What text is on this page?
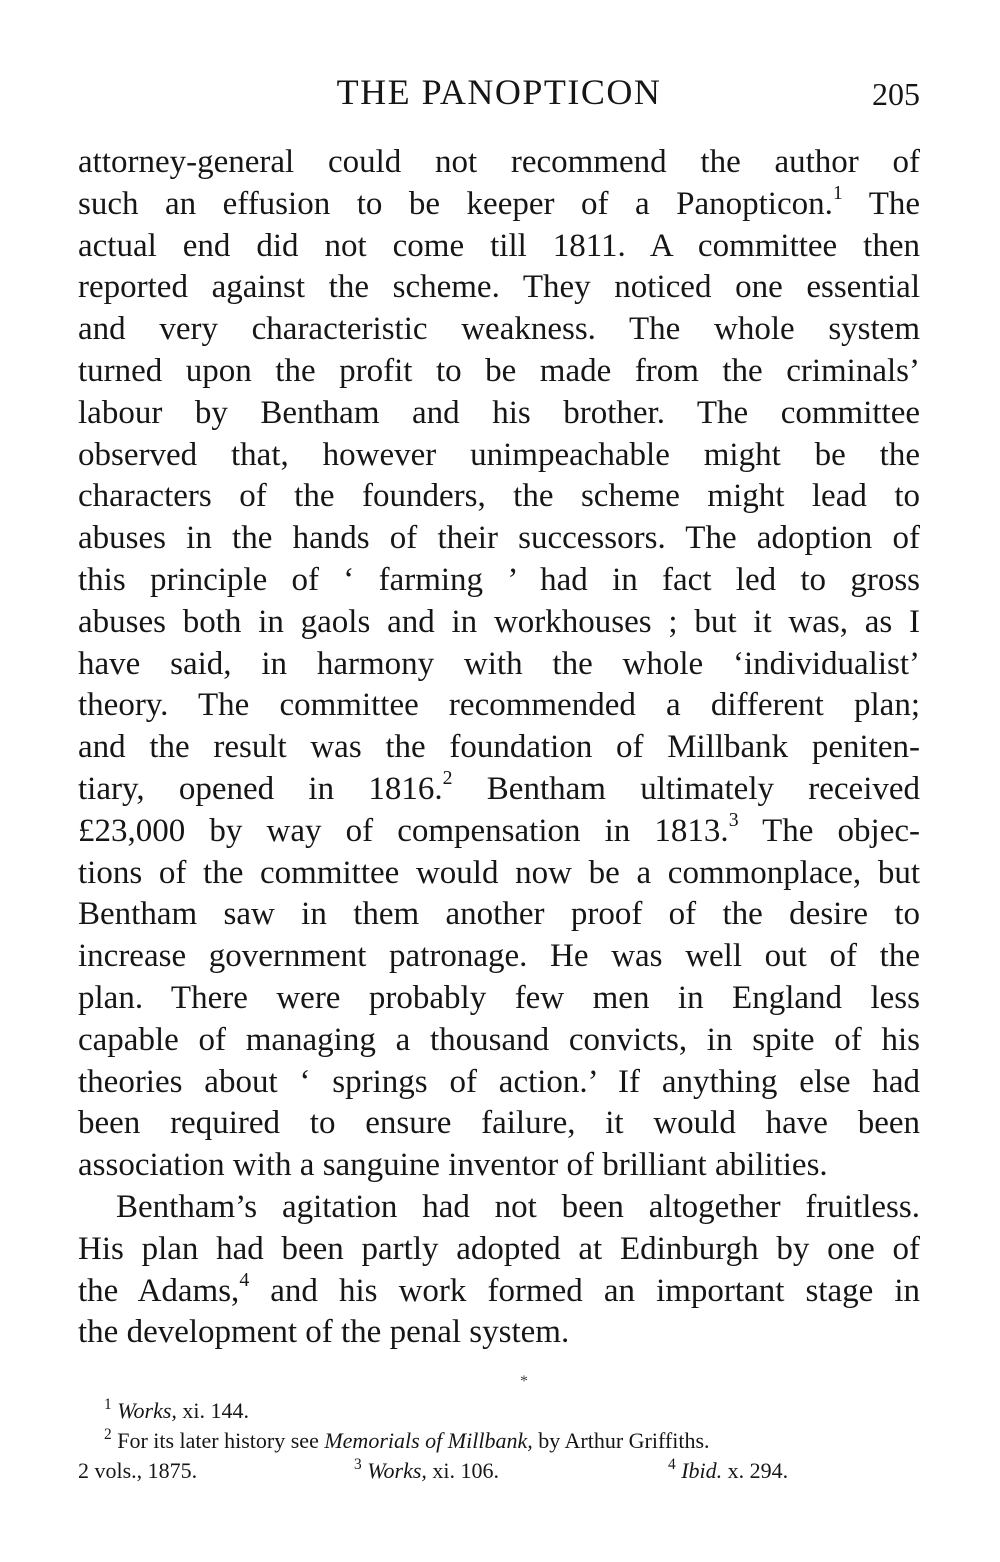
THE PANOPTICON	205
attorney-general could not recommend the author of
such an effusion to be keeper of a Panopticon.$^1$ The
actual end did not come till 1811. A committee then
reported against the scheme. They noticed one essential
and very characteristic weakness. The whole system
turned upon the profit to be made from the criminals’
labour by Bentham and his brother. The committee
observed that, however unimpeachable might be the
characters of the founders, the scheme might lead to
abuses in the hands of their successors. The adoption of
this principle of ‘ farming ’ had in fact led to gross
abuses both in gaols and in workhouses ; but it was, as I
have said, in harmony with the whole ‘individualist’
theory. The committee recommended a different plan;
and the result was the foundation of Millbank peniten-
tiary, opened in 1816.$^2$ Bentham ultimately received
£23,000 by way of compensation in 1813.$^3$ The objec-
tions of the committee would now be a commonplace, but
Bentham saw in them another proof of the desire to
increase government patronage. He was well out of the
plan. There were probably few men in England less
capable of managing a thousand convicts, in spite of his
theories about ‘ springs of action.’ If anything else had
been required to ensure failure, it would have been
association with a sanguine inventor of brilliant abilities.
Bentham’s agitation had not been altogether fruitless.
His plan had been partly adopted at Edinburgh by one of
the Adams,$^4$ and his work formed an important stage in
the development of the penal system.
*
$^1$ Works, xi. 144.
$^2$ For its later history see Memorials of Millbank, by Arthur Griffiths.
2 vols., 1875.	$^3$ Works, xi. 106.	$^4$ Ibid. x. 294.
